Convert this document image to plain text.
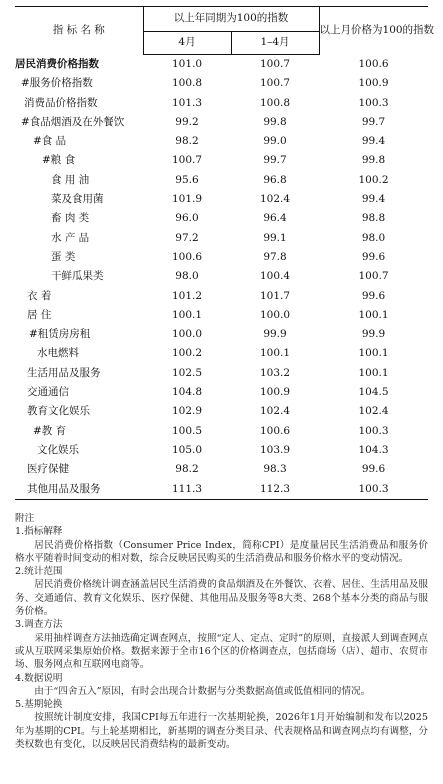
指 标 名 称	以上年同期为100的指数		以上月价格为100的指数
	4月	1–4月	
居民消费价格指数	101.0	100.7	100.6
#服务价格指数	100.8	100.7	100.9
消费品价格指数	101.3	100.8	100.3
#食品烟酒及在外餐饮	99.2	99.8	99.7
#食 品	98.2	99.0	99.4
#粮 食	100.7	99.7	99.8
食 用 油	95.6	96.8	100.2
菜及食用菌	101.9	102.4	99.4
畜 肉 类	96.0	96.4	98.8
水 产 品	97.2	99.1	98.0
蛋 类	100.6	97.8	99.6
干鲜瓜果类	98.0	100.4	100.7
衣 着	101.2	101.7	99.6
居 住	100.1	100.0	100.1
#租赁房房租	100.0	99.9	99.9
水电燃料	100.2	100.1	100.1
生活用品及服务	102.5	103.2	100.1
交通通信	104.8	100.9	104.5
教育文化娱乐	102.9	102.4	102.4
#教 育	100.5	100.6	100.3
文化娱乐	105.0	103.9	104.3
医疗保健	98.2	98.3	99.6
其他用品及服务	111.3	112.3	100.3

附注

1.指标解释

居民消费价格指数（Consumer Price Index，简称CPI）是度量居民生活消费品和服务价格水平随着时间变动的相对数，综合反映居民购买的生活消费品和服务价格水平的变动情况。

2.统计范围

居民消费价格统计调查涵盖居民生活消费的食品烟酒及在外餐饮、衣着、居住、生活用品及服务、交通通信、教育文化娱乐、医疗保健、其他用品及服务等8大类、268个基本分类的商品与服务价格。

3.调查方法

采用抽样调查方法抽选确定调查网点，按照“定人、定点、定时”的原则，直接派人到调查网点或从互联网采集原始价格。数据来源于全市16个区的价格调查点，包括商场（店）、超市、农贸市场、服务网点和互联网电商等。

4.数据说明

由于“四舍五入”原因，有时会出现合计数据与分类数据高值或低值相同的情况。

5.基期轮换

按照统计制度安排，我国CPI每五年进行一次基期轮换，2026年1月开始编制和发布以2025年为基期的CPI。与上轮基期相比，新基期的调查分类目录、代表规格品和调查网点均有调整，分类权数也有变化，以反映居民消费结构的最新变动。
